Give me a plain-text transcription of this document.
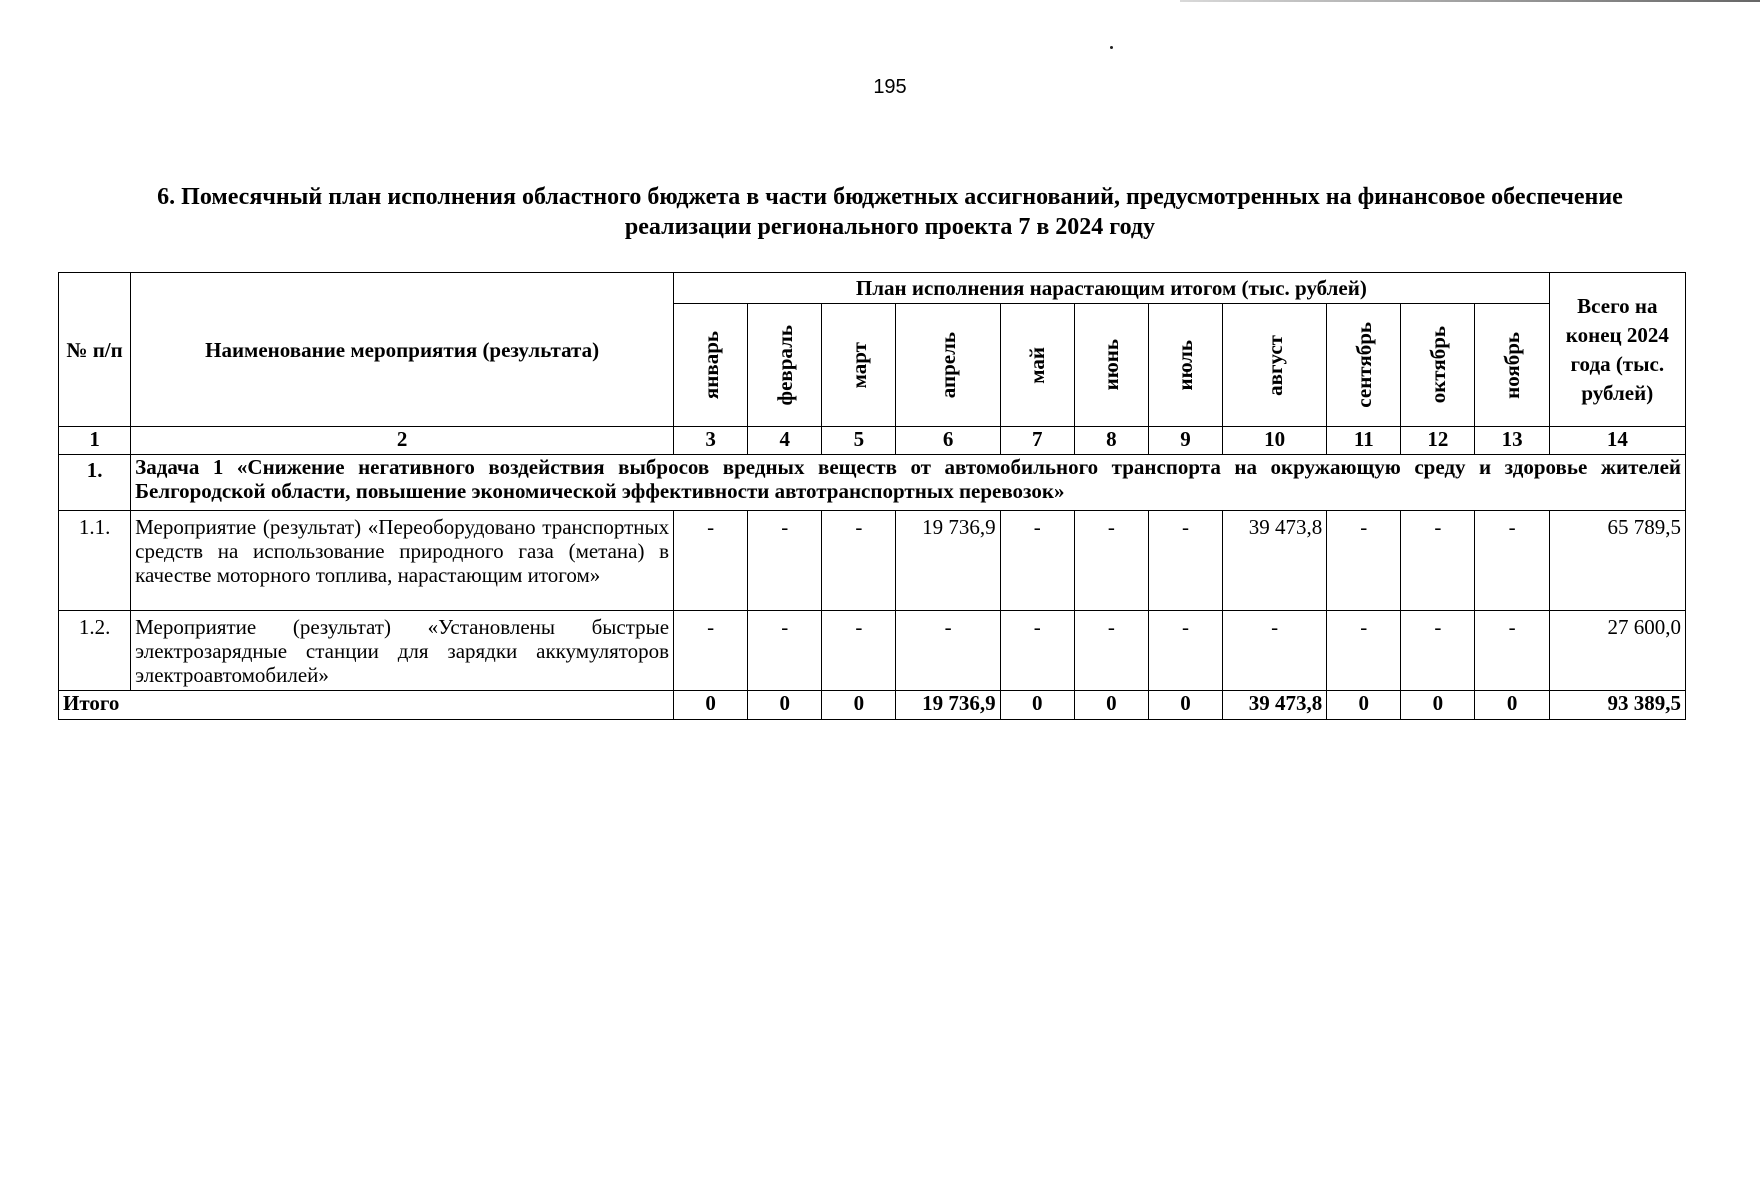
195
6. Помесячный план исполнения областного бюджета в части бюджетных ассигнований, предусмотренных на финансовое обеспечение реализации регионального проекта 7 в 2024 году
№ п/п	Наименование мероприятия (результата)	План исполнения нарастающим итогом (тыс. рублей)											Всего на конец 2024 года (тыс. рублей)

		январь	февраль	март	апрель	май	июнь	июль	август	сентябрь	октябрь	ноябрь	

1	2	3	4	5	6	7	8	9	10	11	12	13	14
1.	Задача 1 «Снижение негативного воздействия выбросов вредных веществ от автомобильного транспорта на окружающую среду и здоровье жителей Белгородской области, повышение экономической эффективности автотранспортных перевозок»												
1.1.	Мероприятие (результат) «Переоборудовано транспортных средств на использование природного газа (метана) в качестве моторного топлива, нарастающим итогом»	-	-	-	19 736,9	-	-	-	39 473,8	-	-	-	65 789,5
1.2.	Мероприятие (результат) «Установлены быстрые электрозарядные станции для зарядки аккумуляторов электроавтомобилей»	-	-	-	-	-	-	-	-	-	-	-	27 600,0
Итого		0	0	0	19 736,9	0	0	0	39 473,8	0	0	0	93 389,5
